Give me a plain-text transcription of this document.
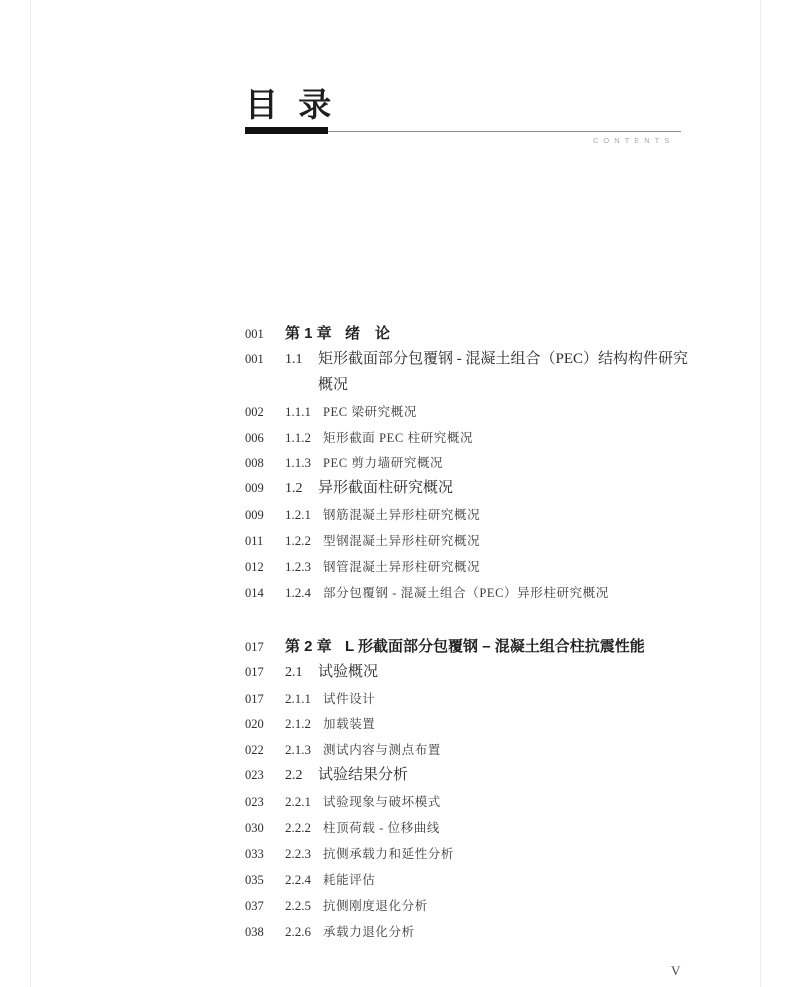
目 录
CONTENTS
001	第 1 章 绪　论
001	1.1	矩形截面部分包覆钢 - 混凝土组合（PEC）结构构件研究
概况
002	1.1.1 PEC 梁研究概况
006	1.1.2 矩形截面 PEC 柱研究概况
008	1.1.3 PEC 剪力墙研究概况
009	1.2	异形截面柱研究概况
009	1.2.1 钢筋混凝土异形柱研究概况
011	1.2.2 型钢混凝土异形柱研究概况
012	1.2.3 钢管混凝土异形柱研究概况
014	1.2.4 部分包覆钢 - 混凝土组合（PEC）异形柱研究概况
017	第 2 章 L 形截面部分包覆钢 – 混凝土组合柱抗震性能
017	2.1	试验概况
017	2.1.1 试件设计
020	2.1.2 加载装置
022	2.1.3 测试内容与测点布置
023	2.2	试验结果分析
023	2.2.1 试验现象与破坏模式
030	2.2.2 柱顶荷载 - 位移曲线
033	2.2.3 抗侧承载力和延性分析
035	2.2.4 耗能评估
037	2.2.5 抗侧刚度退化分析
038	2.2.6 承载力退化分析
V
